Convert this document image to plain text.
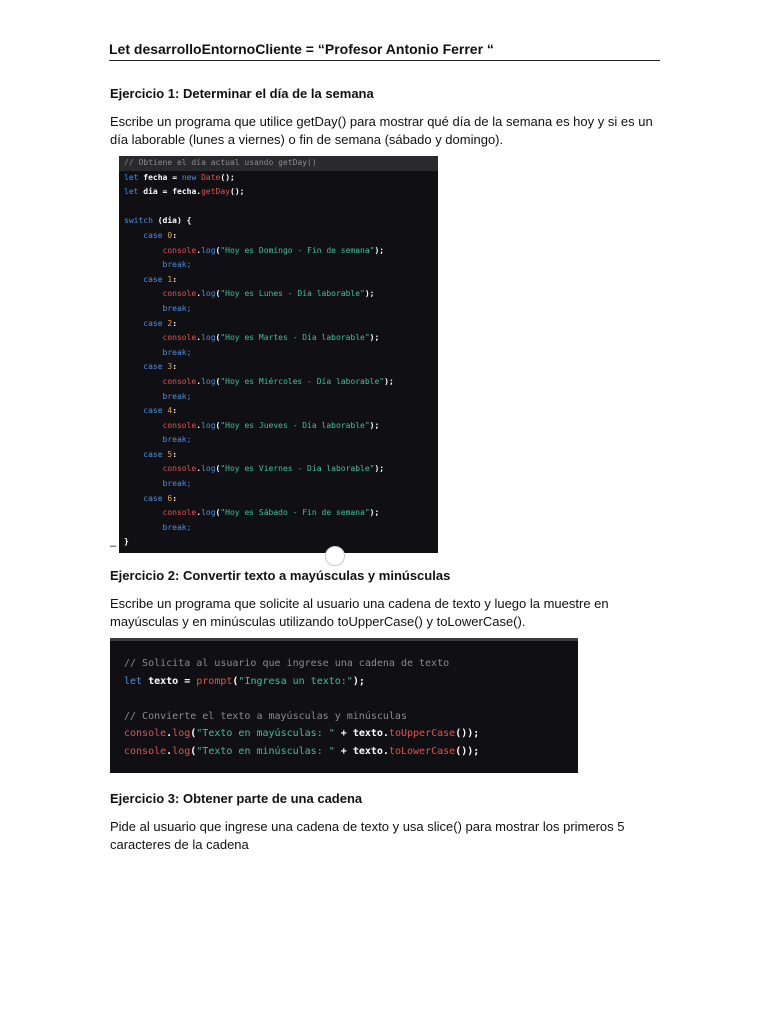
Let desarrolloEntornoCliente = “Profesor Antonio Ferrer “
Ejercicio 1: Determinar el día de la semana
Escribe un programa que utilice getDay() para mostrar qué día de la semana es hoy y si es un día laborable (lunes a viernes) o fin de semana (sábado y domingo).
–
// Obtiene el día actual usando getDay()
let fecha = new Date();
let dia = fecha.getDay();

switch (dia) {
case 0:
console.log("Hoy es Domingo - Fin de semana");
break;
case 1:
console.log("Hoy es Lunes - Día laborable");
break;
case 2:
console.log("Hoy es Martes - Día laborable");
break;
case 3:
console.log("Hoy es Miércoles - Día laborable");
break;
case 4:
console.log("Hoy es Jueves - Día laborable");
break;
case 5:
console.log("Hoy es Viernes - Día laborable");
break;
case 6:
console.log("Hoy es Sábado - Fin de semana");
break;
}
Ejercicio 2: Convertir texto a mayúsculas y minúsculas
Escribe un programa que solicite al usuario una cadena de texto y luego la muestre en mayúsculas y en minúsculas utilizando toUpperCase() y toLowerCase().
// Solicita al usuario que ingrese una cadena de texto
let texto = prompt("Ingresa un texto:");

// Convierte el texto a mayúsculas y minúsculas
console.log("Texto en mayúsculas: " + texto.toUpperCase());
console.log("Texto en minúsculas: " + texto.toLowerCase());
Ejercicio 3: Obtener parte de una cadena
Pide al usuario que ingrese una cadena de texto y usa slice() para mostrar los primeros 5 caracteres de la cadena
